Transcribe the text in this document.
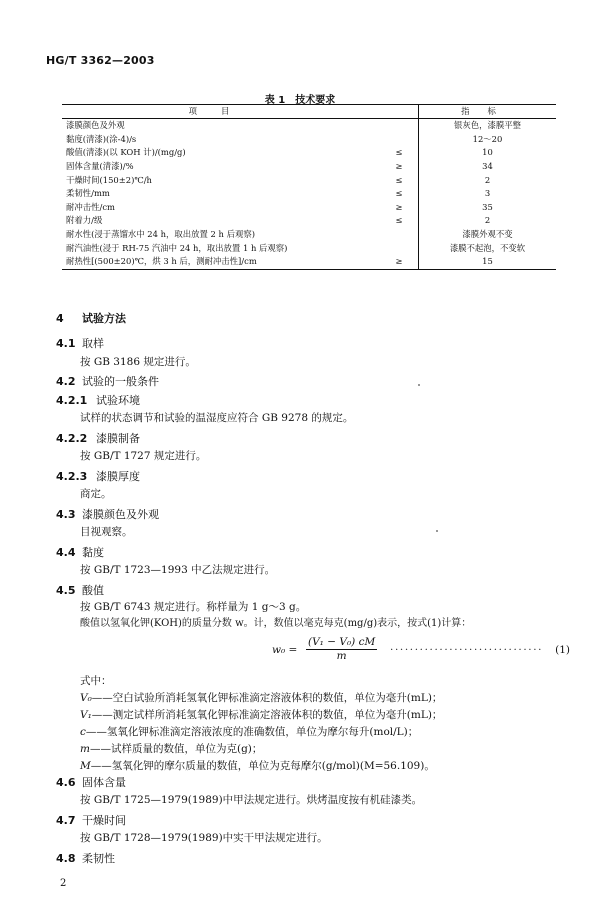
HG/T 3362—2003
表 1　技术要求
项目		指标
漆膜颜色及外观		银灰色，漆膜平整
黏度(清漆)(涂-4)/s		12～20
酸值(清漆)(以 KOH 计)/(mg/g)	≤	10
固体含量(清漆)/%	≥	34
干燥时间(150±2)℃/h	≤	2
柔韧性/mm	≤	3
耐冲击性/cm	≥	35
附着力/级	≤	2
耐水性(浸于蒸馏水中 24 h，取出放置 2 h 后观察)		漆膜外观不变
耐汽油性(浸于 RH-75 汽油中 24 h，取出放置 1 h 后观察)		漆膜不起泡，不变软
耐热性[(500±20)℃，烘 3 h 后，测耐冲击性]/cm	≥	15
4 试验方法
4.1 取样
按 GB 3186 规定进行。
4.2 试验的一般条件
4.2.1 试验环境
试样的状态调节和试验的温湿度应符合 GB 9278 的规定。
4.2.2 漆膜制备
按 GB/T 1727 规定进行。
4.2.3 漆膜厚度
商定。
4.3 漆膜颜色及外观
目视观察。
4.4 黏度
按 GB/T 1723—1993 中乙法规定进行。
4.5 酸值
按 GB/T 6743 规定进行。称样量为 1 g～3 g。
酸值以氢氧化钾(KOH)的质量分数 w。计，数值以毫克每克(mg/g)表示，按式(1)计算：
w₀ =
(V₁ − V₀) cM
m	······························· (1)
式中：
V₀——空白试验所消耗氢氧化钾标准滴定溶液体积的数值，单位为毫升(mL)；
V₁——测定试样所消耗氢氧化钾标准滴定溶液体积的数值，单位为毫升(mL)；
c——氢氧化钾标准滴定溶液浓度的准确数值，单位为摩尔每升(mol/L)；
m——试样质量的数值，单位为克(g)；
M——氢氧化钾的摩尔质量的数值，单位为克每摩尔(g/mol)(M=56.109)。
4.6 固体含量
按 GB/T 1725—1979(1989)中甲法规定进行。烘烤温度按有机硅漆类。
4.7 干燥时间
按 GB/T 1728—1979(1989)中实干甲法规定进行。
4.8 柔韧性
2
